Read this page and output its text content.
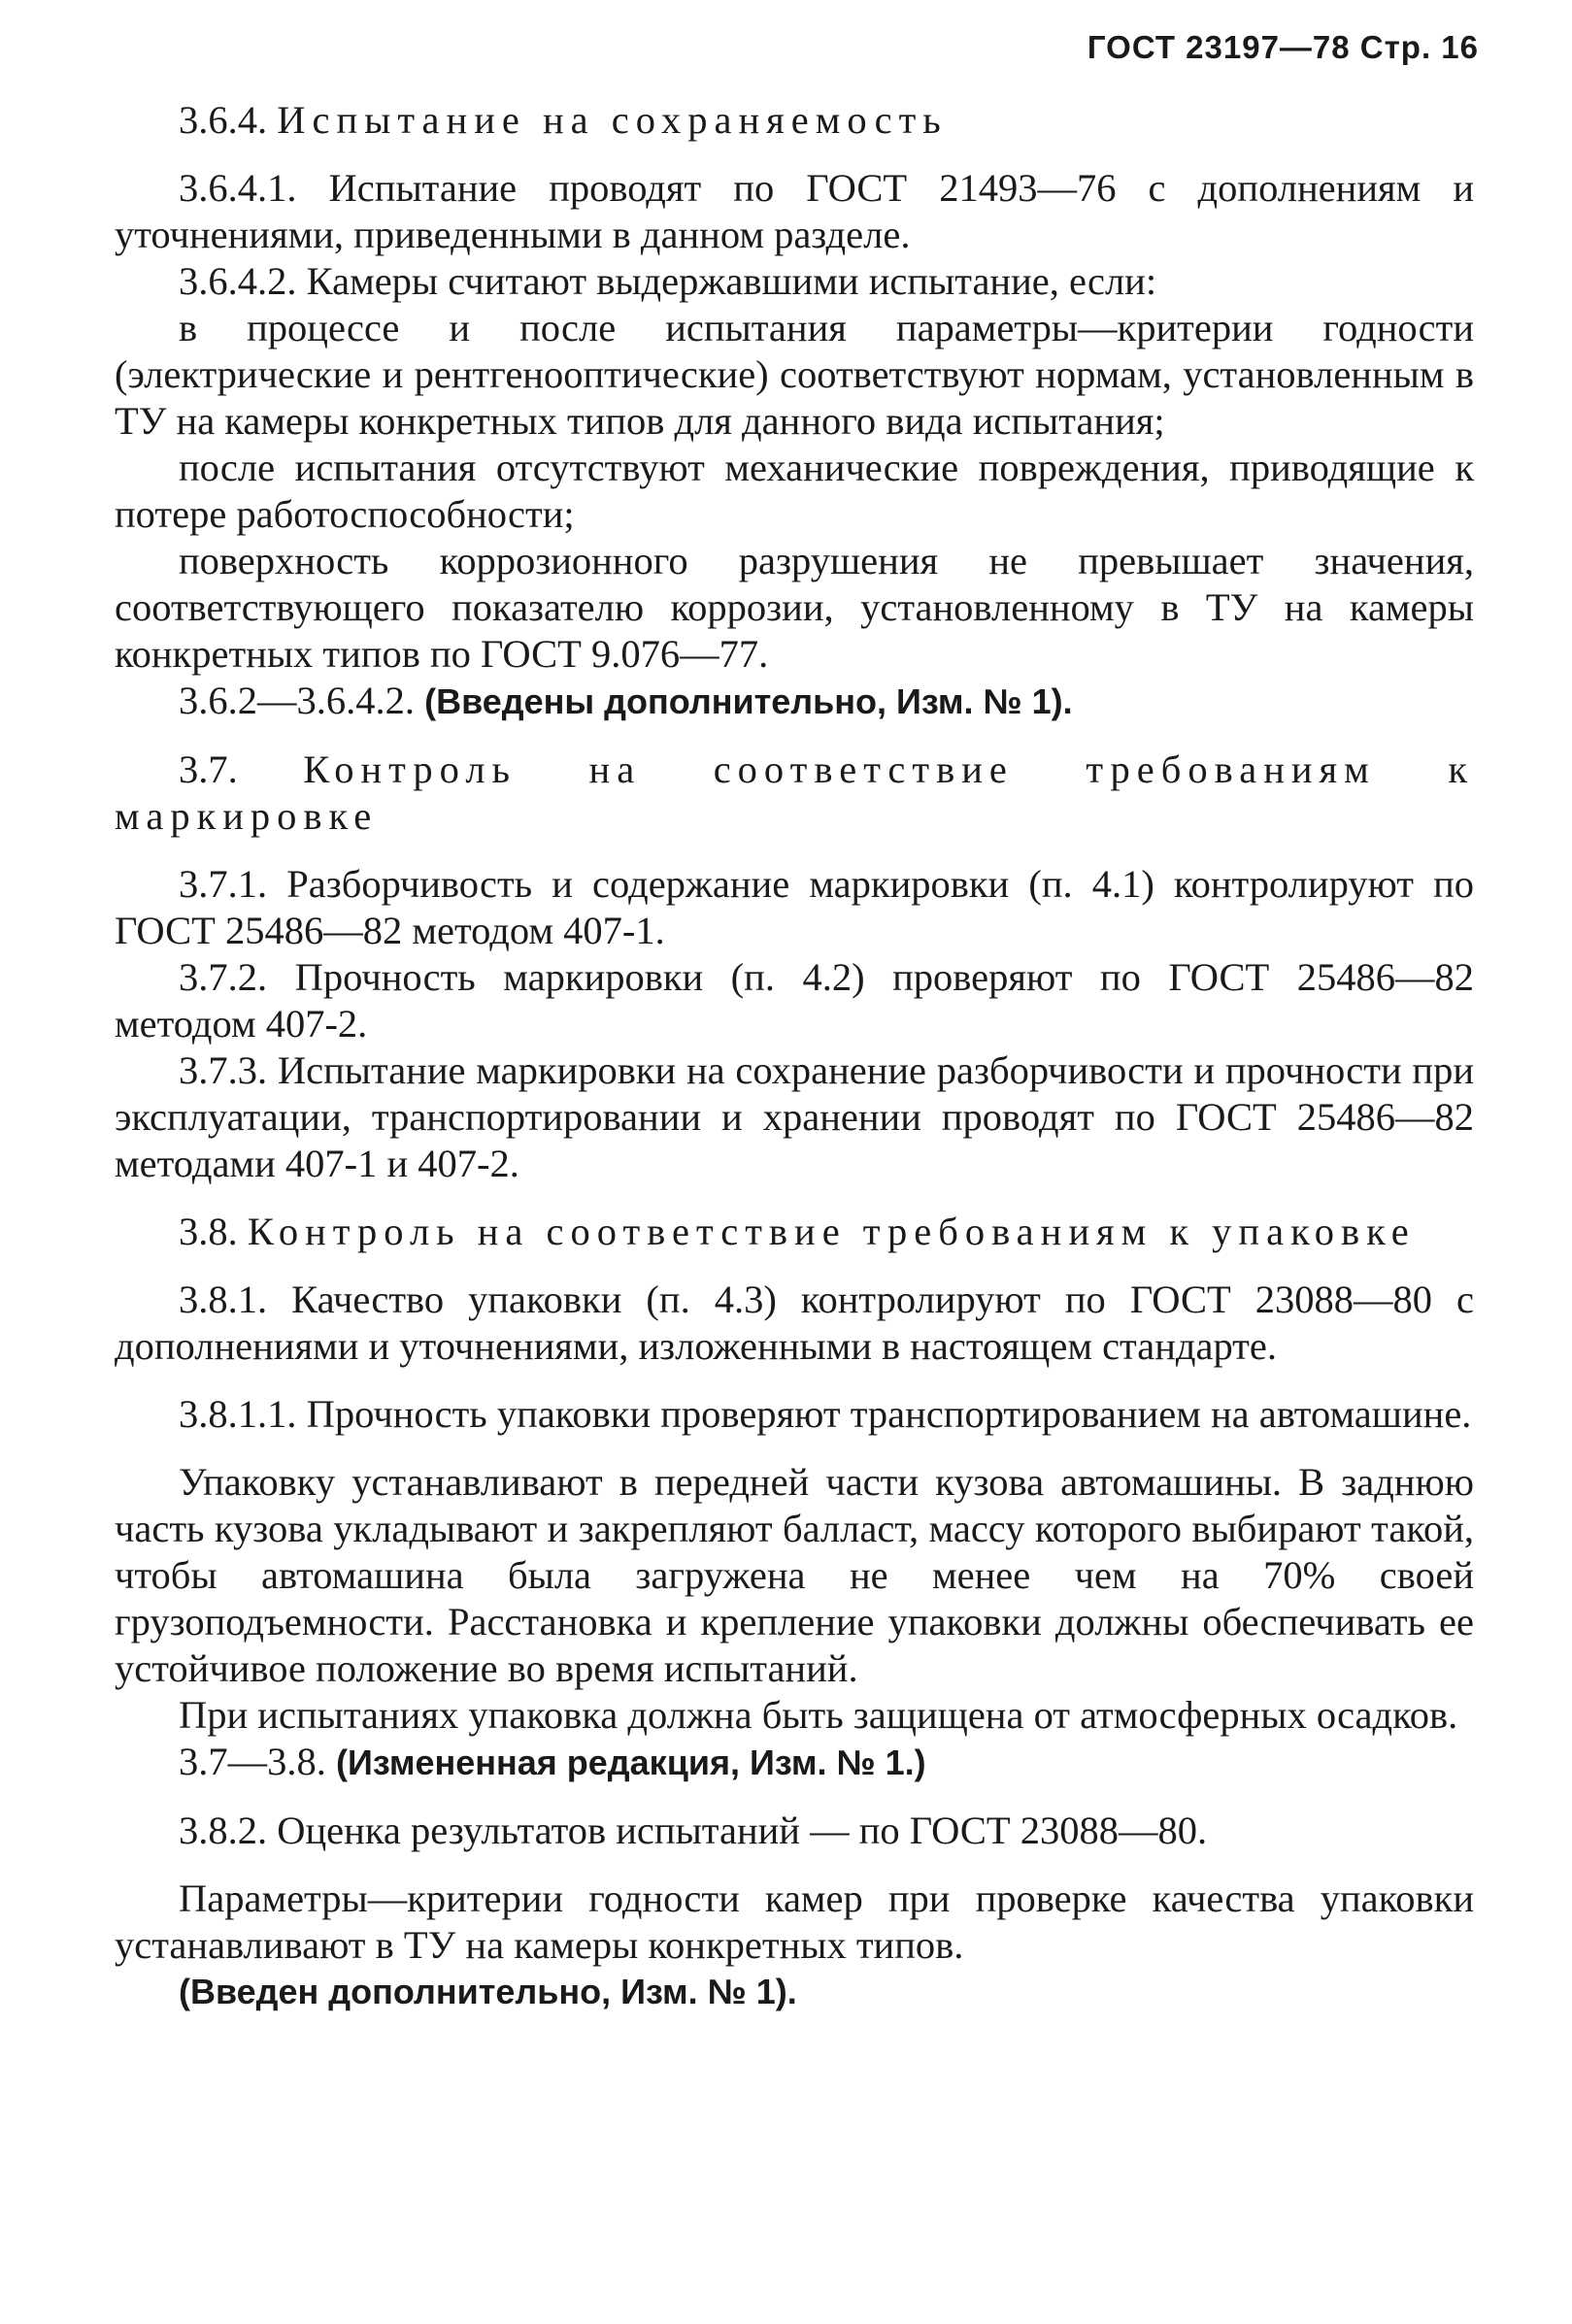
ГОСТ 23197—78 Стр. 16

3.6.4. Испытание на сохраняемость

3.6.4.1. Испытание проводят по ГОСТ 21493—76 с дополнениям и уточнениями, приведенными в данном разделе.

3.6.4.2. Камеры считают выдержавшими испытание, если:

в процессе и после испытания параметры—критерии годности (электрические и рентгенооптические) соответствуют нормам, установленным в ТУ на камеры конкретных типов для данного вида испытания;

после испытания отсутствуют механические повреждения, приводящие к потере работоспособности;

поверхность коррозионного разрушения не превышает значения, соответствующего показателю коррозии, установленному в ТУ на камеры конкретных типов по ГОСТ 9.076—77.

3.6.2—3.6.4.2. (Введены дополнительно, Изм. № 1).

3.7. Контроль на соответствие требованиям к маркировке

3.7.1. Разборчивость и содержание маркировки (п. 4.1) контролируют по ГОСТ 25486—82 методом 407-1.

3.7.2. Прочность маркировки (п. 4.2) проверяют по ГОСТ 25486—82 методом 407-2.

3.7.3. Испытание маркировки на сохранение разборчивости и прочности при эксплуатации, транспортировании и хранении проводят по ГОСТ 25486—82 методами 407-1 и 407-2.

3.8. Контроль на соответствие требованиям к упаковке

3.8.1. Качество упаковки (п. 4.3) контролируют по ГОСТ 23088—80 с дополнениями и уточнениями, изложенными в настоящем стандарте.

3.8.1.1. Прочность упаковки проверяют транспортированием на автомашине.

Упаковку устанавливают в передней части кузова автомашины. В заднюю часть кузова укладывают и закрепляют балласт, массу которого выбирают такой, чтобы автомашина была загружена не менее чем на 70% своей грузоподъемности. Расстановка и крепление упаковки должны обеспечивать ее устойчивое положение во время испытаний.

При испытаниях упаковка должна быть защищена от атмосферных осадков.

3.7—3.8. (Измененная редакция, Изм. № 1.)

3.8.2. Оценка результатов испытаний — по ГОСТ 23088—80.

Параметры—критерии годности камер при проверке качества упаковки устанавливают в ТУ на камеры конкретных типов.

(Введен дополнительно, Изм. № 1).
